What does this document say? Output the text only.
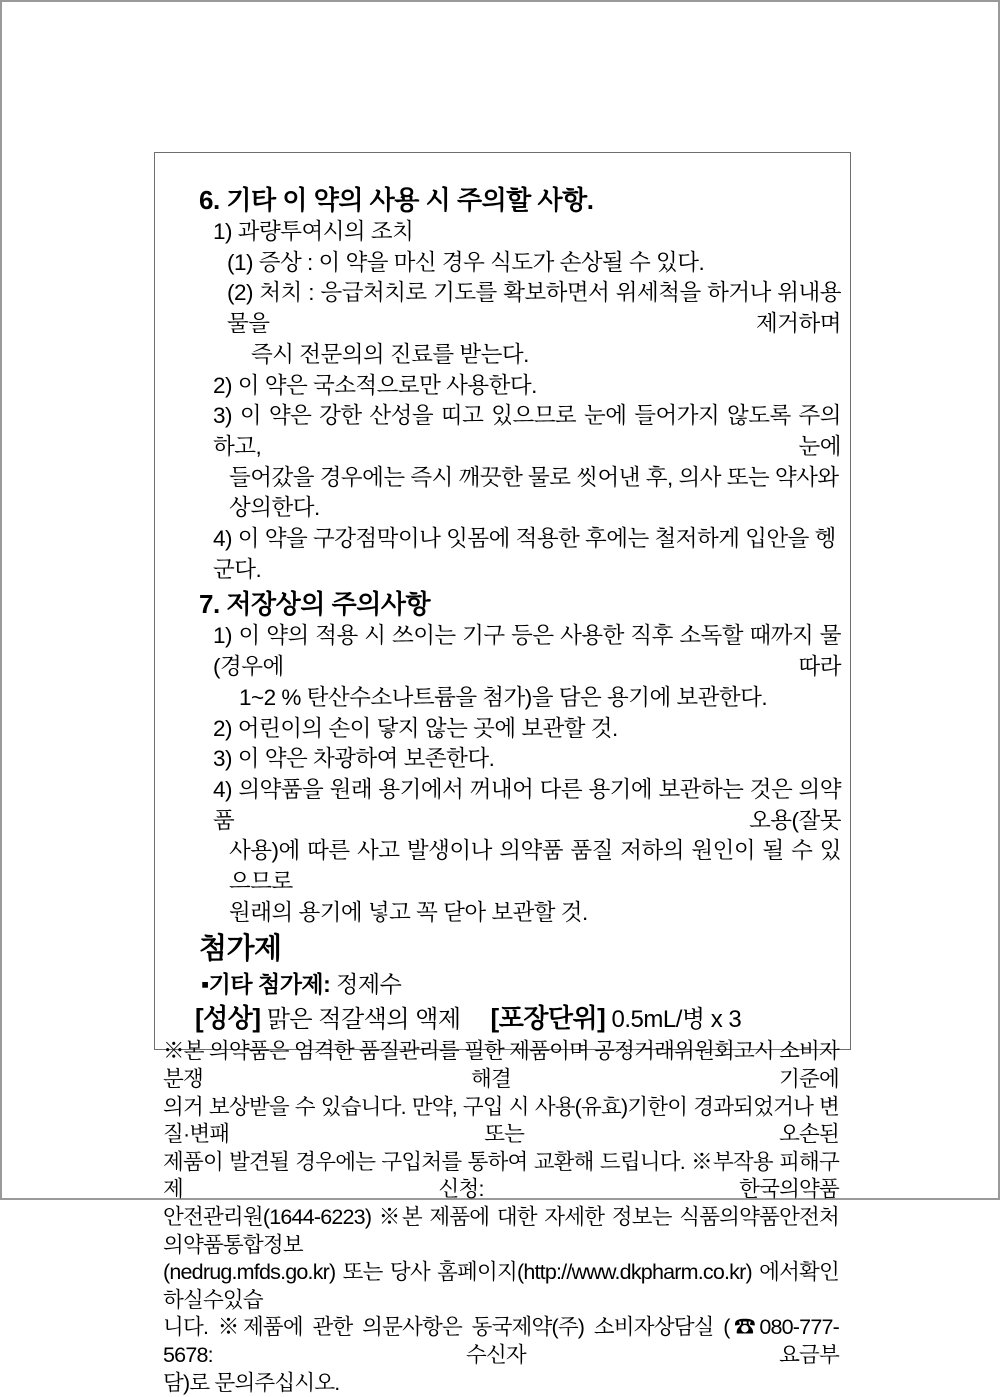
6. 기타 이 약의 사용 시 주의할 사항.
1) 과량투여시의 조치
(1) 증상 : 이 약을 마신 경우 식도가 손상될 수 있다.
(2) 처치 : 응급처치로 기도를 확보하면서 위세척을 하거나 위내용물을 제거하며
즉시 전문의의 진료를 받는다.
2) 이 약은 국소적으로만 사용한다.
3) 이 약은 강한 산성을 띠고 있으므로 눈에 들어가지 않도록 주의하고, 눈에
들어갔을 경우에는 즉시 깨끗한 물로 씻어낸 후, 의사 또는 약사와 상의한다.
4) 이 약을 구강점막이나 잇몸에 적용한 후에는 철저하게 입안을 헹군다.
7. 저장상의 주의사항
1) 이 약의 적용 시 쓰이는 기구 등은 사용한 직후 소독할 때까지 물(경우에 따라
1~2 % 탄산수소나트륨을 첨가)을 담은 용기에 보관한다.
2) 어린이의 손이 닿지 않는 곳에 보관할 것.
3) 이 약은 차광하여 보존한다.
4) 의약품을 원래 용기에서 꺼내어 다른 용기에 보관하는 것은 의약품 오용(잘못
사용)에 따른 사고 발생이나 의약품 품질 저하의 원인이 될 수 있으므로
원래의 용기에 넣고 꼭 닫아 보관할 것.
첨가제
▪기타 첨가제: 정제수
[성상] 맑은 적갈색의 액제 [포장단위] 0.5mL/병 x 3
※본 의약품은 엄격한 품질관리를 필한 제품이며 공정거래위원회고시 소비자분쟁 해결 기준에
의거 보상받을 수 있습니다. 만약, 구입 시 사용(유효)기한이 경과되었거나 변질·변패 또는 오손된
제품이 발견될 경우에는 구입처를 통하여 교환해 드립니다. ※부작용 피해구제 신청: 한국의약품
안전관리원(1644-6223) ※본 제품에 대한 자세한 정보는 식품의약품안전처의약품통합정보
(nedrug.mfds.go.kr) 또는 당사 홈페이지(http://www.dkpharm.co.kr) 에서확인하실수있습
니다. ※제품에 관한 의문사항은 동국제약(주) 소비자상담실 (☎080-777-5678: 수신자 요금부
담)로 문의주십시오.
